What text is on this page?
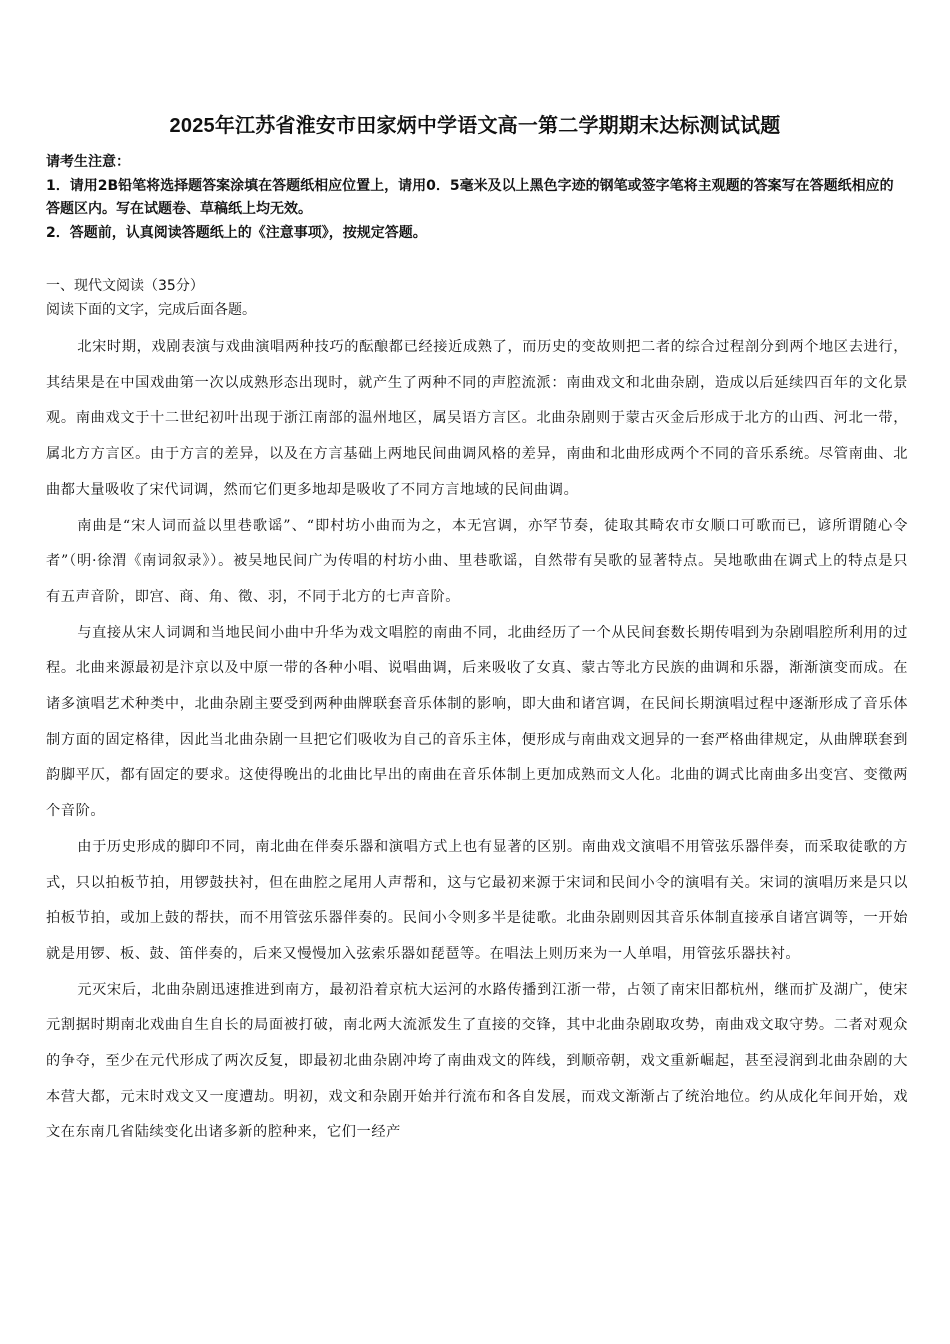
2025年江苏省淮安市田家炳中学语文高一第二学期期末达标测试试题
请考生注意：
1．请用2B铅笔将选择题答案涂填在答题纸相应位置上，请用0．5毫米及以上黑色字迹的钢笔或签字笔将主观题的答案写在答题纸相应的答题区内。写在试题卷、草稿纸上均无效。
2．答题前，认真阅读答题纸上的《注意事项》，按规定答题。
一、现代文阅读（35分）
阅读下面的文字，完成后面各题。

北宋时期，戏剧表演与戏曲演唱两种技巧的酝酿都已经接近成熟了，而历史的变故则把二者的综合过程剖分到两个地区去进行，其结果是在中国戏曲第一次以成熟形态出现时，就产生了两种不同的声腔流派：南曲戏文和北曲杂剧，造成以后延续四百年的文化景观。南曲戏文于十二世纪初叶出现于浙江南部的温州地区，属吴语方言区。北曲杂剧则于蒙古灭金后形成于北方的山西、河北一带，属北方方言区。由于方言的差异，以及在方言基础上两地民间曲调风格的差异，南曲和北曲形成两个不同的音乐系统。尽管南曲、北曲都大量吸收了宋代词调，然而它们更多地却是吸收了不同方言地域的民间曲调。

南曲是“宋人词而益以里巷歌谣”、“即村坊小曲而为之，本无宫调，亦罕节奏，徒取其畸农市女顺口可歌而已，谚所谓随心令者”（明·徐渭《南词叙录》）。被吴地民间广为传唱的村坊小曲、里巷歌谣，自然带有吴歌的显著特点。吴地歌曲在调式上的特点是只有五声音阶，即宫、商、角、徵、羽，不同于北方的七声音阶。

与直接从宋人词调和当地民间小曲中升华为戏文唱腔的南曲不同，北曲经历了一个从民间套数长期传唱到为杂剧唱腔所利用的过程。北曲来源最初是汴京以及中原一带的各种小唱、说唱曲调，后来吸收了女真、蒙古等北方民族的曲调和乐器，渐渐演变而成。在诸多演唱艺术种类中，北曲杂剧主要受到两种曲牌联套音乐体制的影响，即大曲和诸宫调，在民间长期演唱过程中逐渐形成了音乐体制方面的固定格律，因此当北曲杂剧一旦把它们吸收为自己的音乐主体，便形成与南曲戏文迥异的一套严格曲律规定，从曲牌联套到韵脚平仄，都有固定的要求。这使得晚出的北曲比早出的南曲在音乐体制上更加成熟而文人化。北曲的调式比南曲多出变宫、变徵两个音阶。

由于历史形成的脚印不同，南北曲在伴奏乐器和演唱方式上也有显著的区别。南曲戏文演唱不用管弦乐器伴奏，而采取徒歌的方式，只以拍板节拍，用锣鼓扶衬，但在曲腔之尾用人声帮和，这与它最初来源于宋词和民间小令的演唱有关。宋词的演唱历来是只以拍板节拍，或加上鼓的帮扶，而不用管弦乐器伴奏的。民间小令则多半是徒歌。北曲杂剧则因其音乐体制直接承自诸宫调等，一开始就是用锣、板、鼓、笛伴奏的，后来又慢慢加入弦索乐器如琵琶等。在唱法上则历来为一人单唱，用管弦乐器扶衬。

元灭宋后，北曲杂剧迅速推进到南方，最初沿着京杭大运河的水路传播到江浙一带，占领了南宋旧都杭州，继而扩及湖广，使宋元割据时期南北戏曲自生自长的局面被打破，南北两大流派发生了直接的交锋，其中北曲杂剧取攻势，南曲戏文取守势。二者对观众的争夺，至少在元代形成了两次反复，即最初北曲杂剧冲垮了南曲戏文的阵线，到顺帝朝，戏文重新崛起，甚至浸润到北曲杂剧的大本营大都，元末时戏文又一度遭劫。明初，戏文和杂剧开始并行流布和各自发展，而戏文渐渐占了统治地位。约从成化年间开始，戏文在东南几省陆续变化出诸多新的腔种来，它们一经产
